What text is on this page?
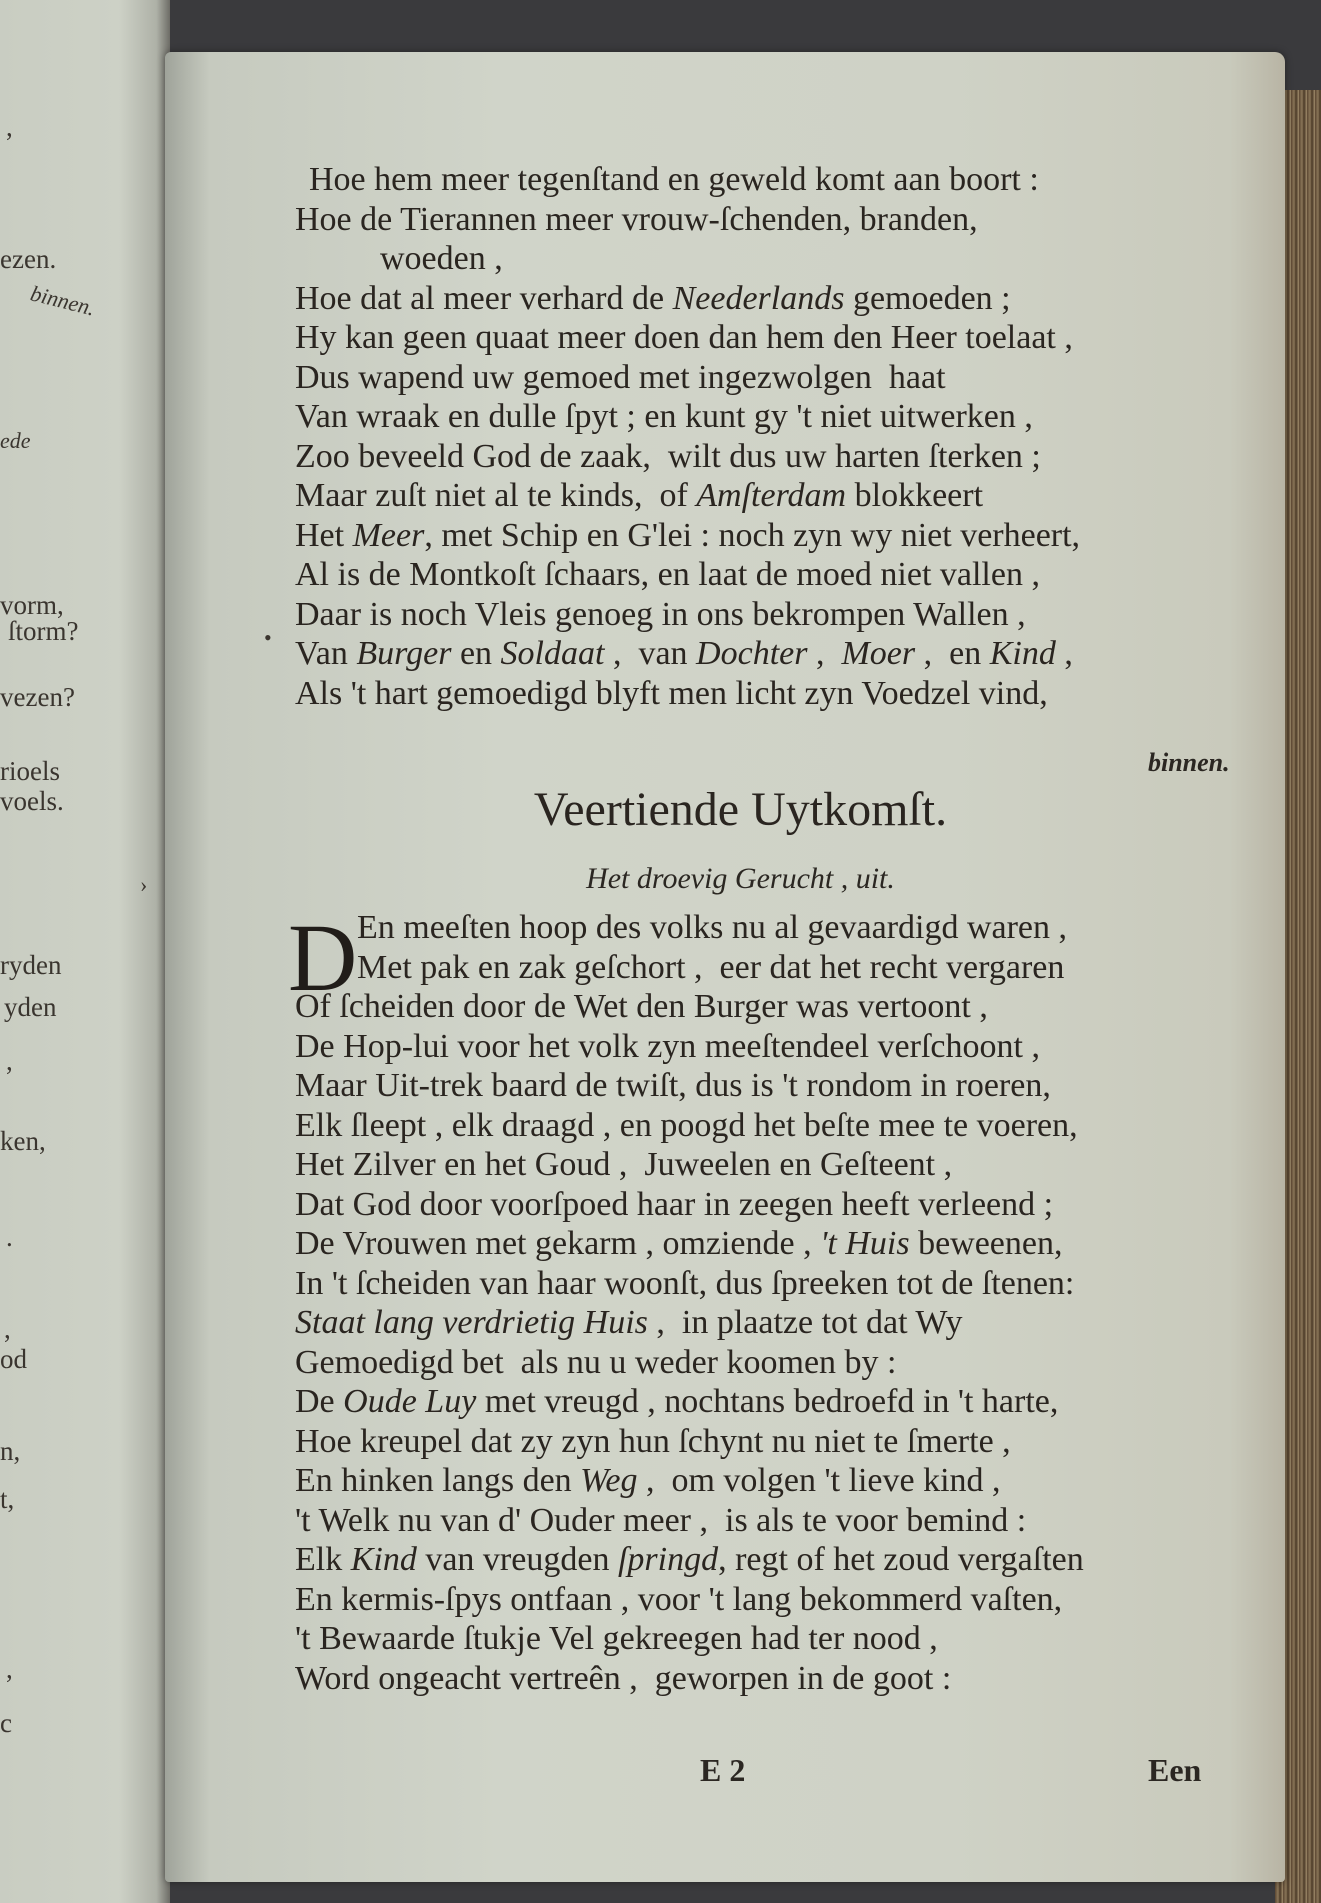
,
ezen.
binnen.
ede
vorm,
ſtorm?
vezen?
rioels
voels.
ryden
yden
,
ken,
.
,
od
n,
t,
,
c
Hoe hem meer tegenſtand en geweld komt aan boort :
Hoe de Tierannen meer vrouw-ſchenden, branden,
woeden ,
Hoe dat al meer verhard de Neederlands gemoeden ;
Hy kan geen quaat meer doen dan hem den Heer toelaat ,
Dus wapend uw gemoed met ingezwolgen  haat
Van wraak en dulle ſpyt ; en kunt gy 't niet uitwerken ,
Zoo beveeld God de zaak,  wilt dus uw harten ſterken ;
Maar zuſt niet al te kinds,  of Amſterdam blokkeert
Het Meer, met Schip en G'lei : noch zyn wy niet verheert,
Al is de Montkoſt ſchaars, en laat de moed niet vallen ,
Daar is noch Vleis genoeg in ons bekrompen Wallen ,
Van Burger en Soldaat ,  van Dochter ,  Moer ,  en Kind ,
Als 't hart gemoedigd blyft men licht zyn Voedzel vind,
•
›
binnen.
Veertiende Uytkomſt.
Het droevig Gerucht , uit.
D En meeſten hoop des volks nu al gevaardigd waren ,
Met pak en zak geſchort ,  eer dat het recht vergaren
Of ſcheiden door de Wet den Burger was vertoont ,
De Hop-lui voor het volk zyn meeſtendeel verſchoont ,
Maar Uit-trek baard de twiſt, dus is 't rondom in roeren,
Elk ſleept , elk draagd , en poogd het beſte mee te voeren,
Het Zilver en het Goud ,  Juweelen en Geſteent ,
Dat God door voorſpoed haar in zeegen heeft verleend ;
De Vrouwen met gekarm , omziende , 't Huis beweenen,
In 't ſcheiden van haar woonſt, dus ſpreeken tot de ſtenen:
Staat lang verdrietig Huis ,  in plaatze tot dat Wy
Gemoedigd bet  als nu u weder koomen by :
De Oude Luy met vreugd , nochtans bedroefd in 't harte,
Hoe kreupel dat zy zyn hun ſchynt nu niet te ſmerte ,
En hinken langs den Weg ,  om volgen 't lieve kind ,
't Welk nu van d' Ouder meer ,  is als te voor bemind :
Elk Kind van vreugden ſpringd, regt of het zoud vergaſten
En kermis-ſpys ontfaan , voor 't lang bekommerd vaſten,
't Bewaarde ſtukje Vel gekreegen had ter nood ,
Word ongeacht vertreên ,  geworpen in de goot :
E 2	Een
